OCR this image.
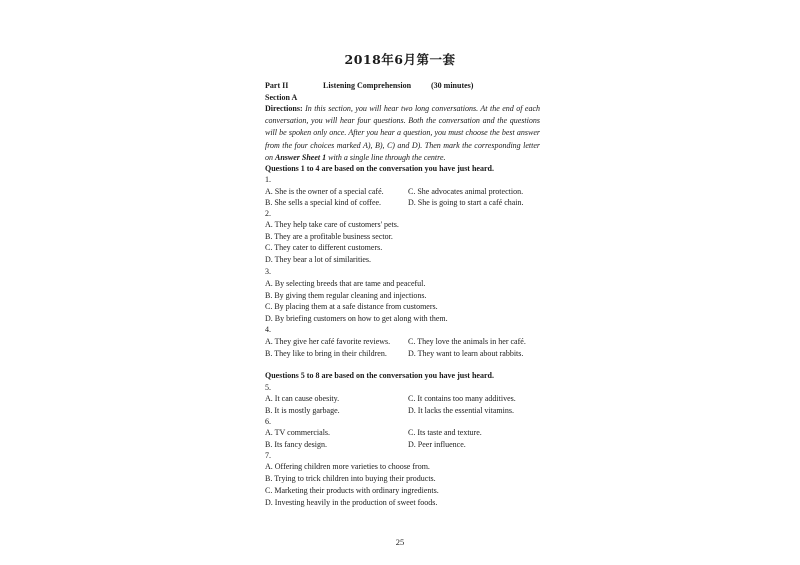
2018年6月第一套
Part II	Listening Comprehension (30 minutes)
Section A
Directions: In this section, you will hear two long conversations. At the end of each conversation, you will hear four questions. Both the conversation and the questions will be spoken only once. After you hear a question, you must choose the best answer from the four choices marked A), B), C) and D). Then mark the corresponding letter on Answer Sheet 1 with a single line through the centre.
Questions 1 to 4 are based on the conversation you have just heard.
1.
A. She is the owner of a special café.	C. She advocates animal protection.
B. She sells a special kind of coffee.	D. She is going to start a café chain.
2.
A. They help take care of customers' pets.
B. They are a profitable business sector.
C. They cater to different customers.
D. They bear a lot of similarities.
3.
A. By selecting breeds that are tame and peaceful.
B. By giving them regular cleaning and injections.
C. By placing them at a safe distance from customers.
D. By briefing customers on how to get along with them.
4.
A. They give her café favorite reviews. C. They love the animals in her café.
B. They like to bring in their children.	D. They want to learn about rabbits.
Questions 5 to 8 are based on the conversation you have just heard.
5.
A. It can cause obesity.	C. It contains too many additives.
B. It is mostly garbage.	D. It lacks the essential vitamins.
6.
A. TV commercials.	C. Its taste and texture.
B. Its fancy design.	D. Peer influence.
7.
A. Offering children more varieties to choose from.
B. Trying to trick children into buying their products.
C. Marketing their products with ordinary ingredients.
D. Investing heavily in the production of sweet foods.
25
